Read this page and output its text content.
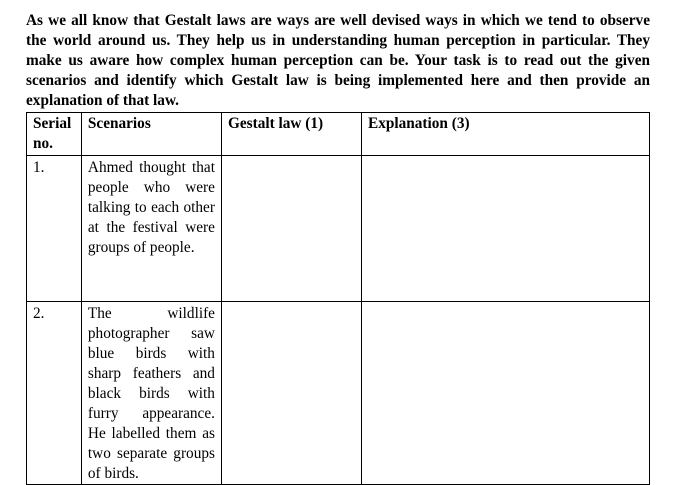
As we all know that Gestalt laws are ways are well devised ways in which we tend to observe the world around us. They help us in understanding human perception in particular. They make us aware how complex human perception can be. Your task is to read out the given scenarios and identify which Gestalt law is being implemented here and then provide an explanation of that law.

Serial no.	Scenarios	Gestalt law (1)	Explanation (3)
1.	Ahmed thought that people who were talking to each other at the festival were groups of people.		

2.	The wildlife photographer saw blue birds with sharp feathers and black birds with furry appearance. He labelled them as two separate groups of birds.		
